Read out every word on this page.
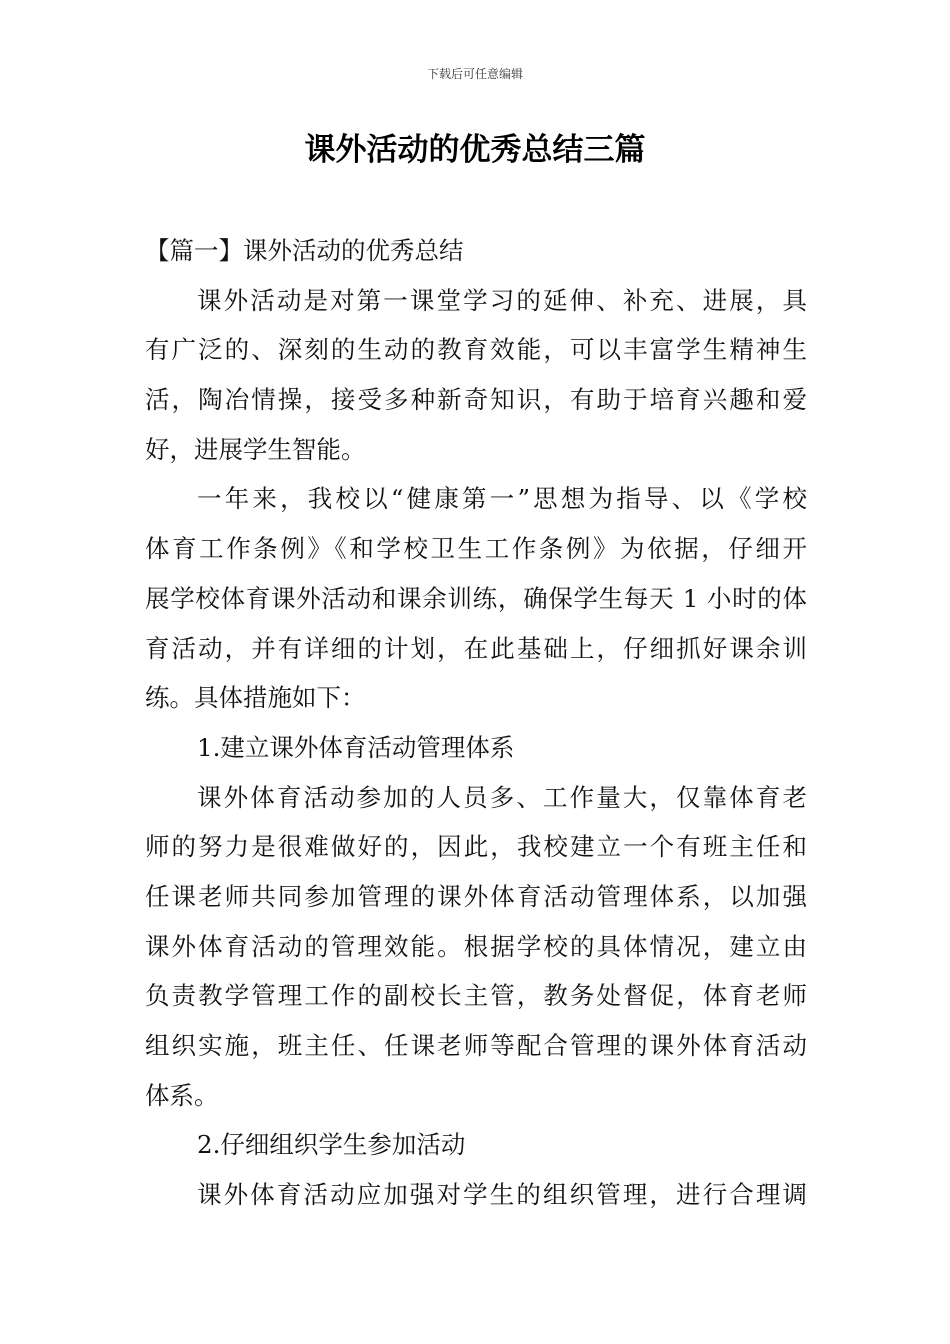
下载后可任意编辑
课外活动的优秀总结三篇
【篇一】课外活动的优秀总结
课外活动是对第一课堂学习的延伸、补充、进展，具
有广泛的、深刻的生动的教育效能，可以丰富学生精神生
活，陶冶情操，接受多种新奇知识，有助于培育兴趣和爱
好，进展学生智能。
一年来，我校以“健康第一”思想为指导、以《学校
体育工作条例》《和学校卫生工作条例》为依据，仔细开
展学校体育课外活动和课余训练，确保学生每天 1 小时的体
育活动，并有详细的计划，在此基础上，仔细抓好课余训
练。具体措施如下：
1.建立课外体育活动管理体系
课外体育活动参加的人员多、工作量大，仅靠体育老
师的努力是很难做好的，因此，我校建立一个有班主任和
任课老师共同参加管理的课外体育活动管理体系，以加强
课外体育活动的管理效能。根据学校的具体情况，建立由
负责教学管理工作的副校长主管，教务处督促，体育老师
组织实施，班主任、任课老师等配合管理的课外体育活动
体系。
2.仔细组织学生参加活动
课外体育活动应加强对学生的组织管理，进行合理调
